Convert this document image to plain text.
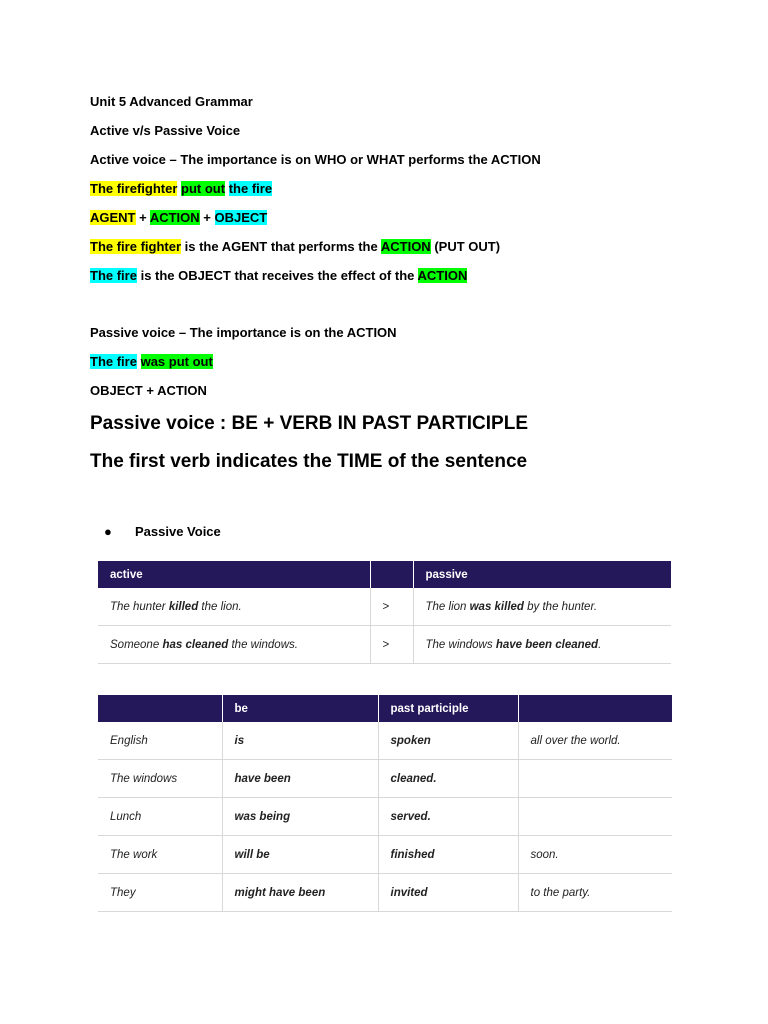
Unit 5 Advanced Grammar
Active v/s Passive Voice
Active voice – The importance is on WHO or WHAT performs the ACTION
The firefighter put out the fire
AGENT + ACTION + OBJECT
The fire fighter is the AGENT that performs the ACTION (PUT OUT)
The fire is the OBJECT that receives the effect of the ACTION
Passive voice – The importance is on the ACTION
The fire was put out
OBJECT + ACTION
Passive voice : BE + VERB IN PAST PARTICIPLE
The first verb indicates the TIME of the sentence
● Passive Voice
active		passive
The hunter killed the lion.	>	The lion was killed by the hunter.
Someone has cleaned the windows.	>	The windows have been cleaned.
	be	past participle	
English	is	spoken	all over the world.
The windows	have been	cleaned.	
Lunch	was being	served.	
The work	will be	finished	soon.
They	might have been	invited	to the party.
